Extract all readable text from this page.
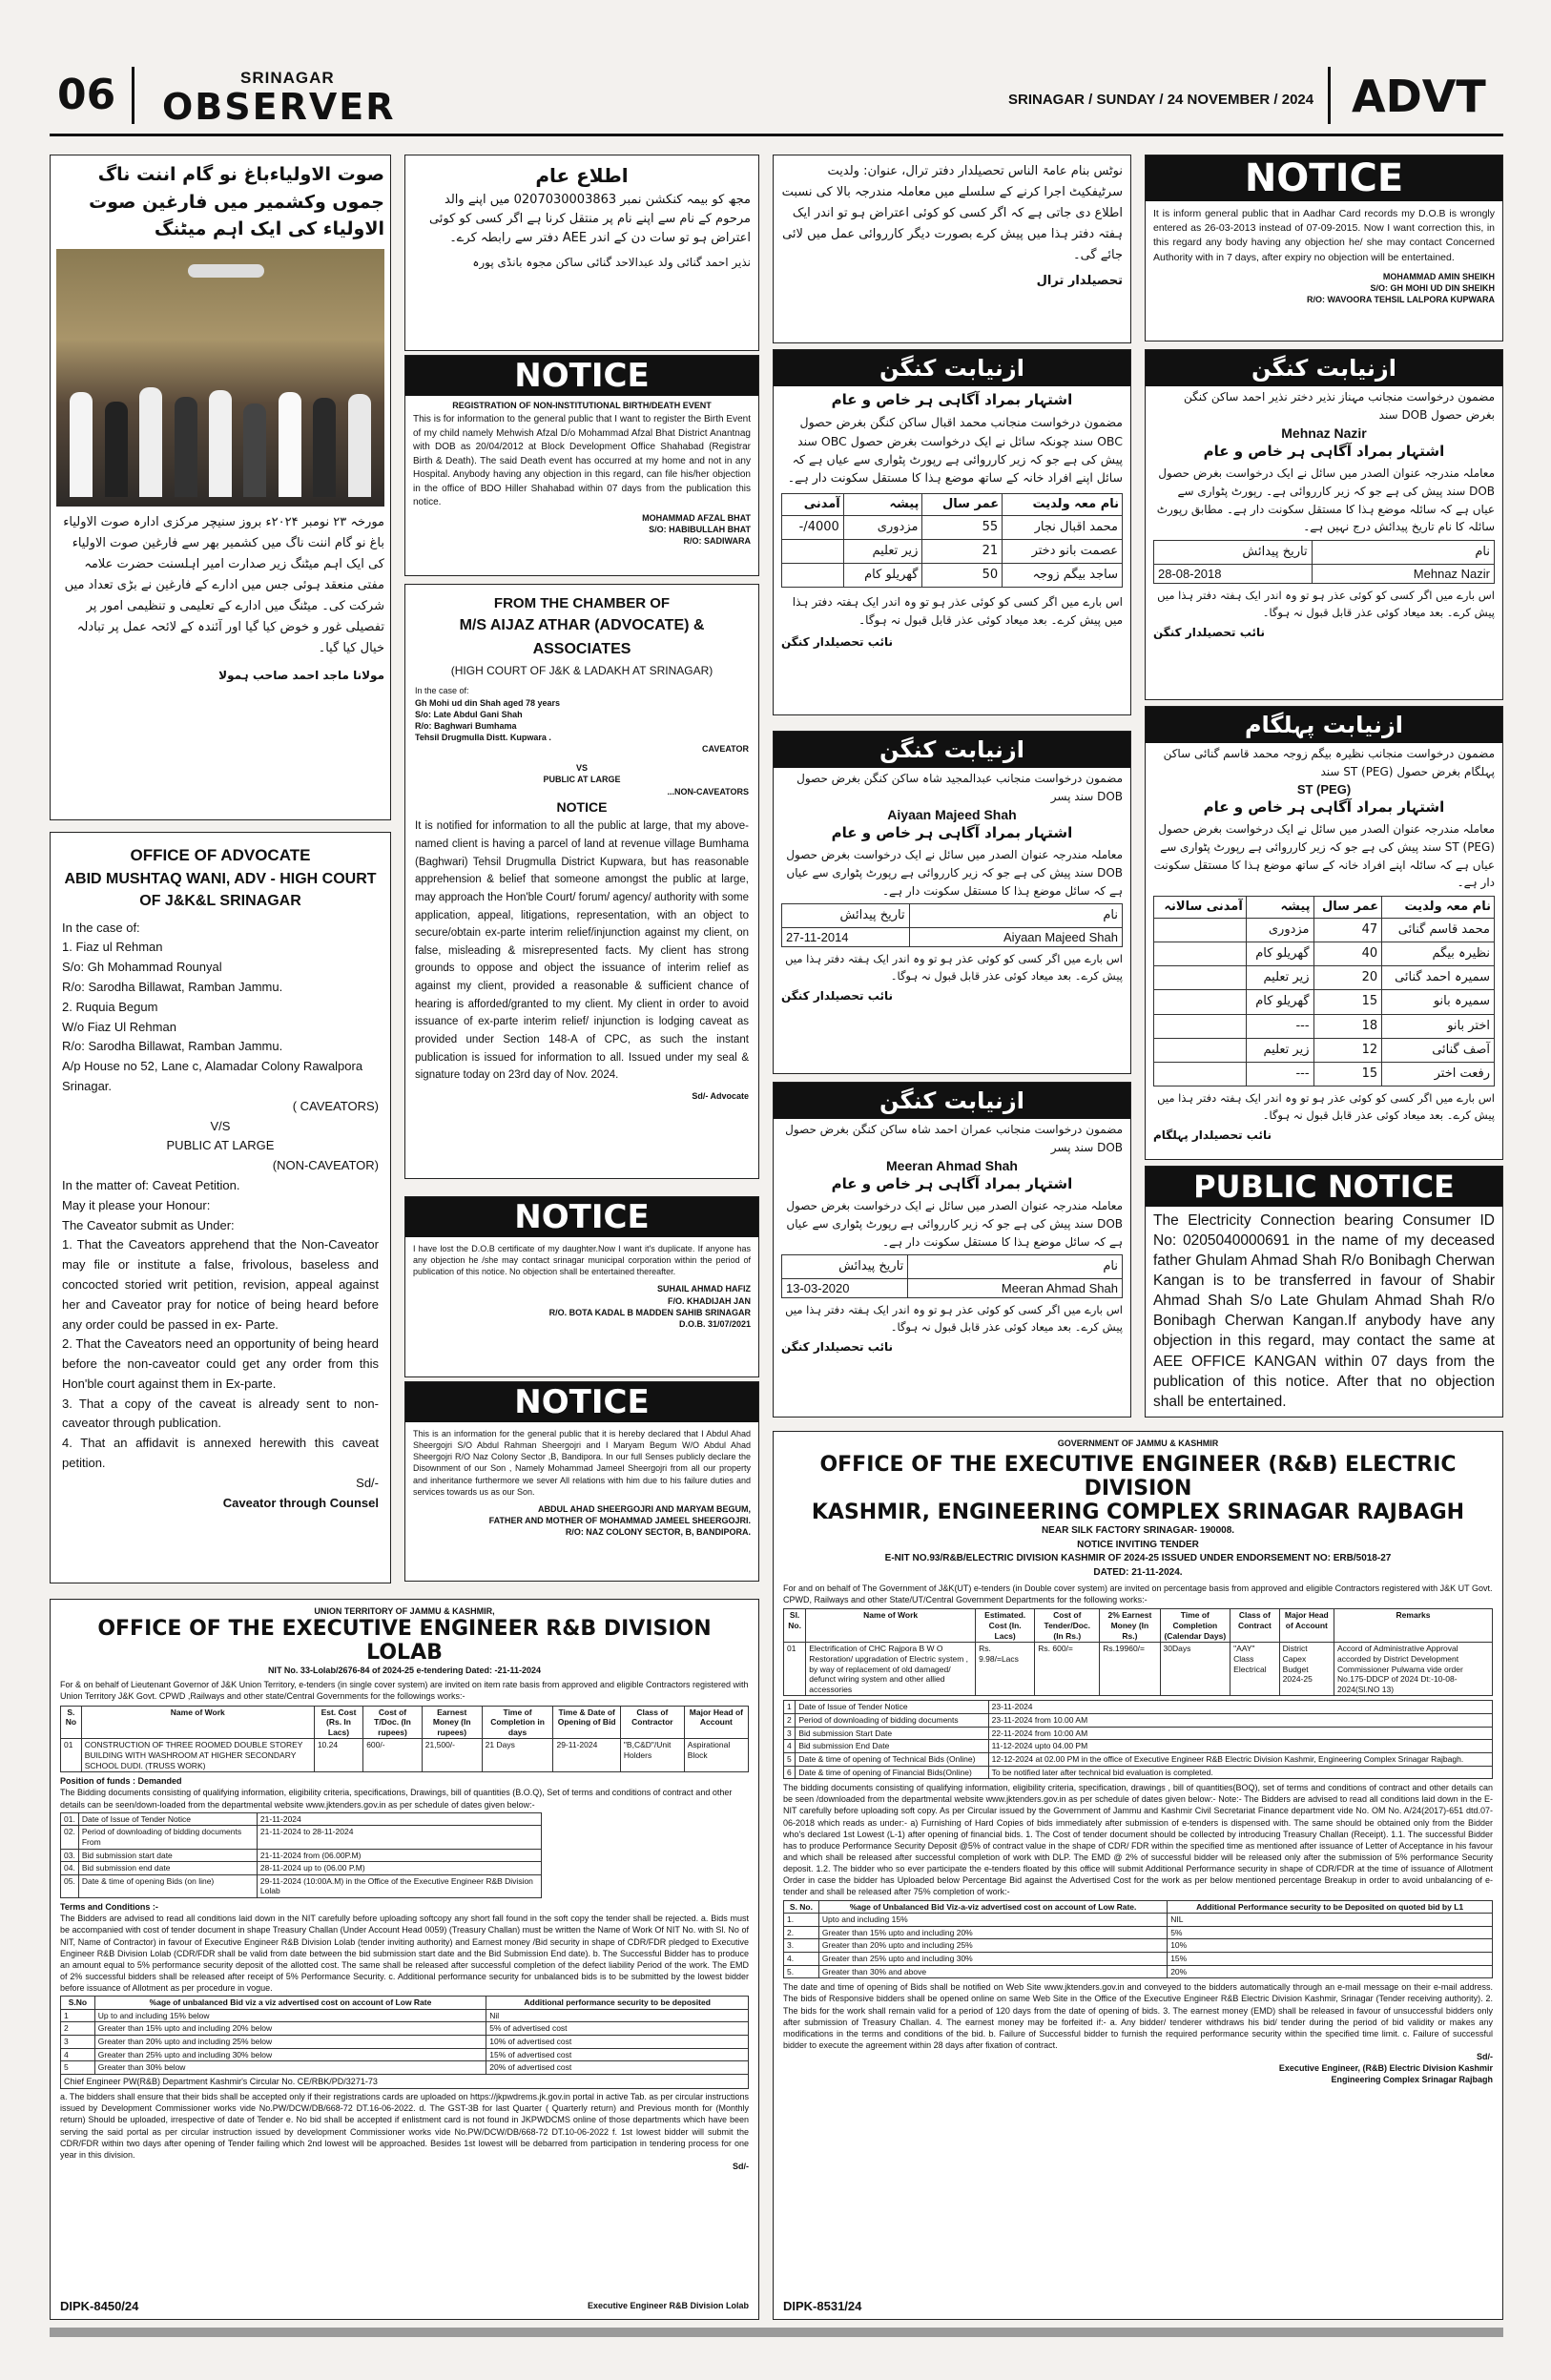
06	SRINAGAR
OBSERVER	SRINAGAR / SUNDAY / 24 NOVEMBER / 2024 ADVT
صوت الاولیاءباغ نو گام اننت ناگ جموں وکشمیر میں فارغین صوت الاولیاء کی ایک اہم میٹنگ
مورخہ ۲۳ نومبر ۲۰۲۴ء بروز سنیچر مرکزی ادارہ صوت الاولیاء باغ نو گام اننت ناگ میں کشمیر بھر سے فارغین صوت الاولیاء کی ایک اہم میٹنگ زیر صدارت امیر اہلسنت حضرت علامہ مفتی منعقد ہوئی جس میں ادارے کے فارغین نے بڑی تعداد میں شرکت کی۔ میٹنگ میں ادارے کے تعلیمی و تنظیمی امور پر تفصیلی غور و خوض کیا گیا اور آئندہ کے لائحہ عمل پر تبادلہ خیال کیا گیا۔
مولانا ماجد احمد صاحب ہمولا
OFFICE OF ADVOCATE
ABID MUSHTAQ WANI, ADV - HIGH COURT OF J&K&L SRINAGAR
In the case of:
1. Fiaz ul Rehman
S/o: Gh Mohammad Rounyal
R/o: Sarodha Billawat, Ramban Jammu.
2. Ruquia Begum
W/o Fiaz Ul Rehman
R/o: Sarodha Billawat, Ramban Jammu.
A/p House no 52, Lane c, Alamadar Colony Rawalpora Srinagar.
( CAVEATORS)
V/S
PUBLIC AT LARGE
(NON-CAVEATOR)
In the matter of: Caveat Petition.
May it please your Honour:
The Caveator submit as Under:
1. That the Caveators apprehend that the Non-Caveator may file or institute a false, frivolous, baseless and concocted storied writ petition, revision, appeal against her and Caveator pray for notice of being heard before any order could be passed in ex- Parte.
2. That the Caveators need an opportunity of being heard before the non-caveator could get any order from this Hon'ble court against them in Ex-parte.
3. That a copy of the caveat is already sent to non-caveator through publication.
4. That an affidavit is annexed herewith this caveat petition.
Sd/-
Caveator through Counsel
اطلاع عام
مجھ کو بیمہ کنکشن نمبر 0207030003863 میں اپنے والد مرحوم کے نام سے اپنے نام پر منتقل کرنا ہے اگر کسی کو کوئی اعتراض ہو تو سات دن کے اندر AEE دفتر سے رابطہ کرے۔
نذیر احمد گنائی ولد عبدالاحد گنائی ساکن مجوہ بانڈی پورہ
NOTICE
REGISTRATION OF NON-INSTITUTIONAL BIRTH/DEATH EVENT
This is for information to the general public that I want to register the Birth Event of my child namely Mehwish Afzal D/o Mohammad Afzal Bhat District Anantnag with DOB as 20/04/2012 at Block Development Office Shahabad (Registrar Birth & Death). The said Death event has occurred at my home and not in any Hospital. Anybody having any objection in this regard, can file his/her objection in the office of BDO Hiller Shahabad within 07 days from the publication this notice.
MOHAMMAD AFZAL BHAT
S/O: HABIBULLAH BHAT
R/O: SADIWARA
FROM THE CHAMBER OF
M/S AIJAZ ATHAR (ADVOCATE) & ASSOCIATES
(HIGH COURT OF J&K & LADAKH AT SRINAGAR)
In the case of:
Gh Mohi ud din Shah aged 78 years
S/o: Late Abdul Gani Shah
R/o: Baghwari Bumhama
Tehsil Drugmulla Distt. Kupwara .
CAVEATOR
VS
PUBLIC AT LARGE
...NON-CAVEATORS
NOTICE
It is notified for information to all the public at large, that my above-named client is having a parcel of land at revenue village Bumhama (Baghwari) Tehsil Drugmulla District Kupwara, but has reasonable apprehension & belief that someone amongst the public at large, may approach the Hon'ble Court/ forum/ agency/ authority with some application, appeal, litigations, representation, with an object to secure/obtain ex-parte interim relief/injunction against my client, on false, misleading & misrepresented facts. My client has strong grounds to oppose and object the issuance of interim relief as against my client, provided a reasonable & sufficient chance of hearing is afforded/granted to my client. My client in order to avoid issuance of ex-parte interim relief/ injunction is lodging caveat as provided under Section 148-A of CPC, as such the instant publication is issued for information to all. Issued under my seal & signature today on 23rd day of Nov. 2024.
Sd/- Advocate
NOTICE
I have lost the D.O.B certificate of my daughter.Now I want it's duplicate. If anyone has any objection he /she may contact srinagar municipal corporation within the period of publication of this notice. No objection shall be entertained thereafter.
SUHAIL AHMAD HAFIZ
F/O. KHADIJAH JAN
R/O. BOTA KADAL B MADDEN SAHIB SRINAGAR
D.O.B. 31/07/2021
NOTICE
This is an information for the general public that it is hereby declared that I Abdul Ahad Sheergojri S/O Abdul Rahman Sheergojri and I Maryam Begum W/O Abdul Ahad Sheergojri R/O Naz Colony Sector ,B, Bandipora. In our full Senses publicly declare the Disownment of our Son , Namely Mohammad Jameel Sheergojri from all our property and inheritance furthermore we sever All relations with him due to his failure duties and services towards us as our Son.
ABDUL AHAD SHEERGOJRI AND MARYAM BEGUM,
FATHER AND MOTHER OF MOHAMMAD JAMEEL SHEERGOJRI.
R/O: NAZ COLONY SECTOR, B, BANDIPORA.
نوٹس بنام عامۃ الناس تحصیلدار دفتر ترال، عنوان: ولدیت سرٹیفکیٹ اجرا کرنے کے سلسلے میں معاملہ مندرجہ بالا کی نسبت اطلاع دی جاتی ہے کہ اگر کسی کو کوئی اعتراض ہو تو اندر ایک ہفتہ دفتر ہذا میں پیش کرے بصورت دیگر کارروائی عمل میں لائی جائے گی۔
تحصیلدار ترال
ازنیابت کنگن
اشتہار بمراد آگاہی ہر خاص و عام
مضمون درخواست منجانب محمد اقبال ساکن کنگن بغرض حصول OBC سند چونکہ سائل نے ایک درخواست بغرض حصول OBC سند پیش کی ہے جو کہ زیر کارروائی ہے رپورٹ پٹواری سے عیاں ہے کہ سائل اپنے افراد خانہ کے ساتھ موضع ہذا کا مستقل سکونت دار ہے۔
نام معہ ولدیت	عمر سال	پیشہ	آمدنی
محمد اقبال نجار	55	مزدوری	4000/-
عصمت بانو دختر	21	زیر تعلیم	
ساجد بیگم زوجہ	50	گھریلو کام	
اس بارے میں اگر کسی کو کوئی عذر ہو تو وہ اندر ایک ہفتہ دفتر ہذا میں پیش کرے۔ بعد میعاد کوئی عذر قابل قبول نہ ہوگا۔
نائب تحصیلدار کنگن
ازنیابت کنگن
مضمون درخواست منجانب عبدالمجید شاہ ساکن کنگن بغرض حصول DOB سند پسر
Aiyaan Majeed Shah
اشتہار بمراد آگاہی ہر خاص و عام
معاملہ مندرجہ عنوان الصدر میں سائل نے ایک درخواست بغرض حصول DOB سند پیش کی ہے جو کہ زیر کارروائی ہے رپورٹ پٹواری سے عیاں ہے کہ سائل موضع ہذا کا مستقل سکونت دار ہے۔
تاریخ پیدائش	نام
27-11-2014	Aiyaan Majeed Shah
اس بارے میں اگر کسی کو کوئی عذر ہو تو وہ اندر ایک ہفتہ دفتر ہذا میں پیش کرے۔ بعد میعاد کوئی عذر قابل قبول نہ ہوگا۔
نائب تحصیلدار کنگن
ازنیابت کنگن
مضمون درخواست منجانب عمران احمد شاہ ساکن کنگن بغرض حصول DOB سند پسر
Meeran Ahmad Shah
اشتہار بمراد آگاہی ہر خاص و عام
معاملہ مندرجہ عنوان الصدر میں سائل نے ایک درخواست بغرض حصول DOB سند پیش کی ہے جو کہ زیر کارروائی ہے رپورٹ پٹواری سے عیاں ہے کہ سائل موضع ہذا کا مستقل سکونت دار ہے۔
تاریخ پیدائش	نام
13-03-2020	Meeran Ahmad Shah
اس بارے میں اگر کسی کو کوئی عذر ہو تو وہ اندر ایک ہفتہ دفتر ہذا میں پیش کرے۔ بعد میعاد کوئی عذر قابل قبول نہ ہوگا۔
نائب تحصیلدار کنگن
NOTICE
It is inform general public that in Aadhar Card records my D.O.B is wrongly entered as 26-03-2013 instead of 07-09-2015. Now I want correction this, in this regard any body having any objection he/ she may contact Concerned Authority with in 7 days, after expiry no objection will be entertained.
MOHAMMAD AMIN SHEIKH
S/O: GH MOHI UD DIN SHEIKH
R/O: WAVOORA TEHSIL LALPORA KUPWARA
ازنیابت کنگن
مضمون درخواست منجانب مہناز نذیر دختر نذیر احمد ساکن کنگن بغرض حصول DOB سند
Mehnaz Nazir
اشتہار بمراد آگاہی ہر خاص و عام
معاملہ مندرجہ عنوان الصدر میں سائل نے ایک درخواست بغرض حصول DOB سند پیش کی ہے جو کہ زیر کارروائی ہے۔ رپورٹ پٹواری سے عیاں ہے کہ سائلہ موضع ہذا کا مستقل سکونت دار ہے۔ مطابق رپورٹ سائلہ کا نام تاریخ پیدائش درج نہیں ہے۔
تاریخ پیدائش	نام
28-08-2018	Mehnaz Nazir
اس بارے میں اگر کسی کو کوئی عذر ہو تو وہ اندر ایک ہفتہ دفتر ہذا میں پیش کرے۔ بعد میعاد کوئی عذر قابل قبول نہ ہوگا۔
نائب تحصیلدار کنگن
ازنیابت پہلگام
مضمون درخواست منجانب نظیرہ بیگم زوجہ محمد قاسم گنائی ساکن پہلگام بغرض حصول ST (PEG) سند
ST (PEG)
اشتہار بمراد آگاہی ہر خاص و عام
معاملہ مندرجہ عنوان الصدر میں سائل نے ایک درخواست بغرض حصول ST (PEG) سند پیش کی ہے جو کہ زیر کارروائی ہے رپورٹ پٹواری سے عیاں ہے کہ سائلہ اپنے افراد خانہ کے ساتھ موضع ہذا کا مستقل سکونت دار ہے۔
نام معہ ولدیت	عمر سال	پیشہ	آمدنی سالانہ
محمد قاسم گنائی	47	مزدوری	
نظیرہ بیگم	40	گھریلو کام	
سمیرہ احمد گنائی	20	زیر تعلیم	
سمیرہ بانو	15	گھریلو کام	
اختر بانو	18	---	
آصف گنائی	12	زیر تعلیم	
رفعت اختر	15	---	
اس بارے میں اگر کسی کو کوئی عذر ہو تو وہ اندر ایک ہفتہ دفتر ہذا میں پیش کرے۔ بعد میعاد کوئی عذر قابل قبول نہ ہوگا۔
نائب تحصیلدار پہلگام
PUBLIC NOTICE
The Electricity Connection bearing Consumer ID No: 0205040000691 in the name of my deceased father Ghulam Ahmad Shah R/o Bonibagh Cherwan Kangan is to be transferred in favour of Shabir Ahmad Shah S/o Late Ghulam Ahmad Shah R/o Bonibagh Cherwan Kangan.If anybody have any objection in this regard, may contact the same at AEE OFFICE KANGAN within 07 days from the publication of this notice. After that no objection shall be entertained.
UNION TERRITORY OF JAMMU & KASHMIR,
OFFICE OF THE EXECUTIVE ENGINEER R&B DIVISION LOLAB
NIT No. 33-Lolab/2676-84 of 2024-25 e-tendering Dated: -21-11-2024
For & on behalf of Lieutenant Governor of J&K Union Territory, e-tenders (in single cover system) are invited on item rate basis from approved and eligible Contractors registered with Union Territory J&K Govt. CPWD ,Railways and other state/Central Governments for the followings works:-
S. No	Name of Work	Est. Cost (Rs. In Lacs)	Cost of T/Doc. (In rupees)	Earnest Money (In rupees)	Time of Completion in days	Time & Date of Opening of Bid	Class of Contractor	Major Head of Account
01	CONSTRUCTION OF THREE ROOMED DOUBLE STOREY BUILDING WITH WASHROOM AT HIGHER SECONDARY SCHOOL DUDI. (TRUSS WORK)	10.24	600/-	21,500/-	21 Days	29-11-2024	"B,C&D"/Unit Holders	Aspirational Block
Position of funds : Demanded
The Bidding documents consisting of qualifying information, eligibility criteria, specifications, Drawings, bill of quantities (B.O.Q), Set of terms and conditions of contract and other details can be seen/down-loaded from the departmental website www.jktenders.gov.in as per schedule of dates given below:-
01.	Date of Issue of Tender Notice	21-11-2024
02.	Period of downloading of bidding documents From	21-11-2024 to 28-11-2024
03.	Bid submission start date	21-11-2024 from (06.00P.M)
04.	Bid submission end date	28-11-2024 up to (06.00 P.M)
05.	Date & time of opening Bids (on line)	29-11-2024 (10:00A.M) in the Office of the Executive Engineer R&B Division Lolab
Terms and Conditions :-
The Bidders are advised to read all conditions laid down in the NIT carefully before uploading softcopy any short fall found in the soft copy the tender shall be rejected. a. Bids must be accompanied with cost of tender document in shape Treasury Challan (Under Account Head 0059) (Treasury Challan) must be written the Name of Work Of NIT No. with Sl. No of NIT, Name of Contractor) in favour of Executive Engineer R&B Division Lolab (tender inviting authority) and Earnest money /Bid security in shape of CDR/FDR pledged to Executive Engineer R&B Division Lolab (CDR/FDR shall be valid from date between the bid submission start date and the Bid Submission End date). b. The Successful Bidder has to produce an amount equal to 5% performance security deposit of the allotted cost. The same shall be released after successful completion of the defect liability Period of the work. The EMD of 2% successful bidders shall be released after receipt of 5% Performance Security. c. Additional performance security for unbalanced bids is to be submitted by the lowest bidder before issuance of Allotment as per procedure in vogue.
S.No	%age of unbalanced Bid viz a viz advertised cost on account of Low Rate	Additional performance security to be deposited
1	Up to and including 15% below	Nil
2	Greater than 15% upto and including 20% below	5% of advertised cost
3	Greater than 20% upto and including 25% below	10% of advertised cost
4	Greater than 25% upto and including 30% below	15% of advertised cost
5	Greater than 30% below	20% of advertised cost
Chief Engineer PW(R&B) Department Kashmir's Circular No. CE/RBK/PD/3271-73
a. The bidders shall ensure that their bids shall be accepted only if their registrations cards are uploaded on https://jkpwdrems.jk.gov.in portal in active Tab. as per circular instructions issued by Development Commissioner works vide No.PW/DCW/DB/668-72 DT.16-06-2022. d. The GST-3B for last Quarter ( Quarterly return) and Previous month for (Monthly return) Should be uploaded, irrespective of date of Tender e. No bid shall be accepted if enlistment card is not found in JKPWDCMS online of those departments which have been serving the said portal as per circular instruction issued by development Commissioner works vide No.PW/DCW/DB/668-72 DT.10-06-2022 f. 1st lowest bidder will submit the CDR/FDR within two days after opening of Tender failing which 2nd lowest will be approached. Besides 1st lowest will be debarred from participation in tendering process for one year in this division.
Sd/-
DIPK-8450/24	Executive Engineer R&B Division Lolab
GOVERNMENT OF JAMMU & KASHMIR
OFFICE OF THE EXECUTIVE ENGINEER (R&B) ELECTRIC DIVISION
KASHMIR, ENGINEERING COMPLEX SRINAGAR RAJBAGH
NEAR SILK FACTORY SRINAGAR- 190008.
NOTICE INVITING TENDER
E-NIT NO.93/R&B/ELECTRIC DIVISION KASHMIR OF 2024-25 ISSUED UNDER ENDORSEMENT NO: ERB/5018-27
DATED: 21-11-2024.
For and on behalf of The Government of J&K(UT) e-tenders (in Double cover system) are invited on percentage basis from approved and eligible Contractors registered with J&K UT Govt. CPWD, Railways and other State/UT/Central Government Departments for the following works:-
Sl. No.	Name of Work	Estimated. Cost (In. Lacs)	Cost of Tender/Doc. (In Rs.)	2% Earnest Money (In Rs.)	Time of Completion (Calendar Days)	Class of Contract	Major Head of Account	Remarks
01	Electrification of CHC Rajpora B W O Restoration/ upgradation of Electric system , by way of replacement of old damaged/ defunct wiring system and other allied accessories	Rs. 9.98/=Lacs	Rs. 600/=	Rs.19960/=	30Days	"AAY" Class Electrical	District Capex Budget 2024-25	Accord of Administrative Approval accorded by District Development Commissioner Pulwama vide order No.175-DDCP of 2024 Dt:-10-08-2024(Sl.NO 13)
1	Date of Issue of Tender Notice	23-11-2024
2	Period of downloading of bidding documents	23-11-2024 from 10.00 AM
3	Bid submission Start Date	22-11-2024 from 10:00 AM
4	Bid submission End Date	11-12-2024 upto 04.00 PM
5	Date & time of opening of Technical Bids (Online)	12-12-2024 at 02.00 PM in the office of Executive Engineer R&B Electric Division Kashmir, Engineering Complex Srinagar Rajbagh.
6	Date & time of opening of Financial Bids(Online)	To be notified later after technical bid evaluation is completed.
The bidding documents consisting of qualifying information, eligibility criteria, specification, drawings , bill of quantities(BOQ), set of terms and conditions of contract and other details can be seen /downloaded from the departmental website www.jktenders.gov.in as per schedule of dates given below:- Note:- The Bidders are advised to read all conditions laid down in the E-NIT carefully before uploading soft copy. As per Circular issued by the Government of Jammu and Kashmir Civil Secretariat Finance department vide No. OM No. A/24(2017)-651 dtd.07-06-2018 which reads as under:- a) Furnishing of Hard Copies of bids immediately after submission of e-tenders is dispensed with. The same should be obtained only from the Bidder who's declared 1st Lowest (L-1) after opening of financial bids. 1. The Cost of tender document should be collected by introducing Treasury Challan (Receipt). 1.1. The successful Bidder has to produce Performance Security Deposit @5% of contract value in the shape of CDR/ FDR within the specified time as mentioned after issuance of Letter of Acceptance in his favour and which shall be released after successful completion of work with DLP. The EMD @ 2% of successful bidder will be released only after the submission of 5% performance Security deposit. 1.2. The bidder who so ever participate the e-tenders floated by this office will submit Additional Performance security in shape of CDR/FDR at the time of issuance of Allotment Order in case the bidder has Uploaded below Percentage Bid against the Advertised Cost for the work as per below mentioned percentage Breakup in order to avoid unbalancing of e-tender and shall be released after 75% completion of work:-
S. No.	%age of Unbalanced Bid Viz-a-viz advertised cost on account of Low Rate.	Additional Performance security to be Deposited on quoted bid by L1
1.	Upto and including 15%	NIL
2.	Greater than 15% upto and including 20%	5%
3.	Greater than 20% upto and including 25%	10%
4.	Greater than 25% upto and including 30%	15%
5.	Greater than 30% and above	20%
The date and time of opening of Bids shall be notified on Web Site www.jktenders.gov.in and conveyed to the bidders automatically through an e-mail message on their e-mail address. The bids of Responsive bidders shall be opened online on same Web Site in the Office of the Executive Engineer R&B Electric Division Kashmir, Srinagar (Tender receiving authority). 2. The bids for the work shall remain valid for a period of 120 days from the date of opening of bids. 3. The earnest money (EMD) shall be released in favour of unsuccessful bidders only after submission of Treasury Challan. 4. The earnest money may be forfeited if:- a. Any bidder/ tenderer withdraws his bid/ tender during the period of bid validity or makes any modifications in the terms and conditions of the bid. b. Failure of Successful bidder to furnish the required performance security within the specified time limit. c. Failure of successful bidder to execute the agreement within 28 days after fixation of contract.
Sd/-
Executive Engineer, (R&B) Electric Division Kashmir
Engineering Complex Srinagar Rajbagh
DIPK-8531/24
